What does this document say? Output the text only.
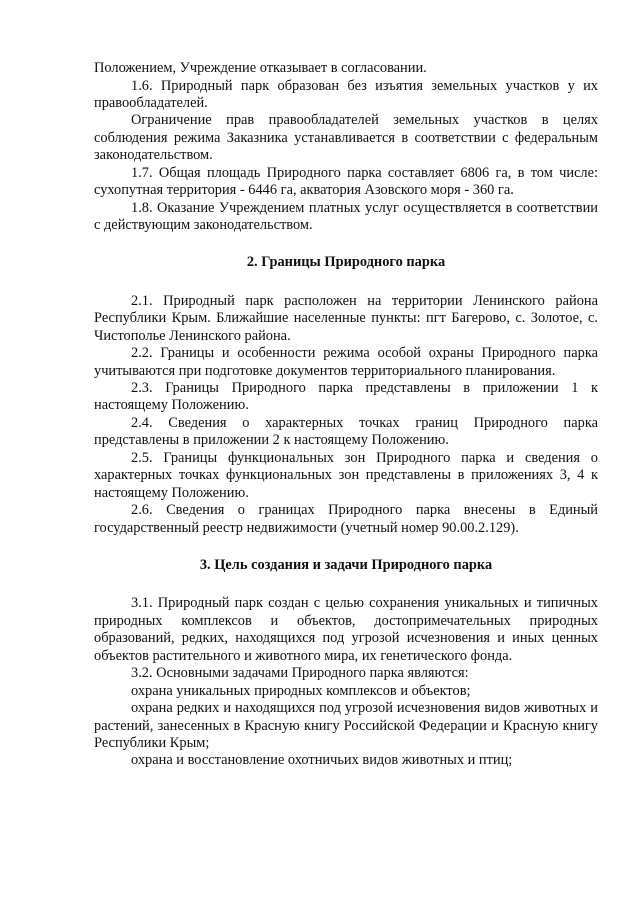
Положением, Учреждение отказывает в согласовании.

1.6. Природный парк образован без изъятия земельных участков у их правообладателей.

Ограничение прав правообладателей земельных участков в целях соблюдения режима Заказника устанавливается в соответствии с федеральным законодательством.

1.7. Общая площадь Природного парка составляет 6806 га, в том числе: сухопутная территория - 6446 га, акватория Азовского моря - 360 га.

1.8. Оказание Учреждением платных услуг осуществляется в соответствии с действующим законодательством.

2. Границы Природного парка

2.1. Природный парк расположен на территории Ленинского района Республики Крым. Ближайшие населенные пункты: пгт Багерово, с. Золотое, с. Чистополье Ленинского района.

2.2. Границы и особенности режима особой охраны Природного парка учитываются при подготовке документов территориального планирования.

2.3. Границы Природного парка представлены в приложении 1 к настоящему Положению.

2.4. Сведения о характерных точках границ Природного парка представлены в приложении 2 к настоящему Положению.

2.5. Границы функциональных зон Природного парка и сведения о характерных точках функциональных зон представлены в приложениях 3, 4 к настоящему Положению.

2.6. Сведения о границах Природного парка внесены в Единый государственный реестр недвижимости (учетный номер 90.00.2.129).

3. Цель создания и задачи Природного парка

3.1. Природный парк создан с целью сохранения уникальных и типичных природных комплексов и объектов, достопримечательных природных образований, редких, находящихся под угрозой исчезновения и иных ценных объектов растительного и животного мира, их генетического фонда.

3.2. Основными задачами Природного парка являются:

охрана уникальных природных комплексов и объектов;

охрана редких и находящихся под угрозой исчезновения видов животных и растений, занесенных в Красную книгу Российской Федерации и Красную книгу Республики Крым;

охрана и восстановление охотничьих видов животных и птиц;
